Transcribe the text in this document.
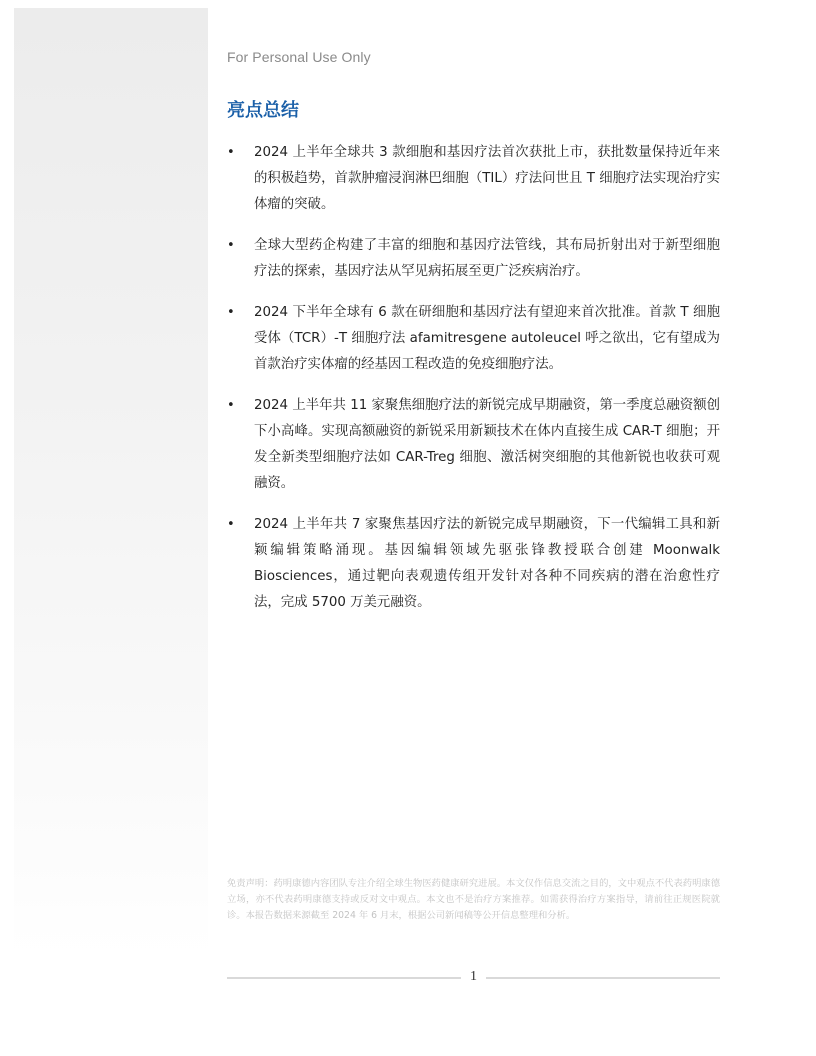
For Personal Use Only
亮点总结
• 2024 上半年全球共 3 款细胞和基因疗法首次获批上市，获批数量保持近年来的积极趋势，首款肿瘤浸润淋巴细胞（TIL）疗法问世且 T 细胞疗法实现治疗实体瘤的突破。
• 全球大型药企构建了丰富的细胞和基因疗法管线，其布局折射出对于新型细胞疗法的探索，基因疗法从罕见病拓展至更广泛疾病治疗。
• 2024 下半年全球有 6 款在研细胞和基因疗法有望迎来首次批准。首款 T 细胞受体（TCR）-T 细胞疗法 afamitresgene autoleucel 呼之欲出，它有望成为首款治疗实体瘤的经基因工程改造的免疫细胞疗法。
• 2024 上半年共 11 家聚焦细胞疗法的新锐完成早期融资，第一季度总融资额创下小高峰。实现高额融资的新锐采用新颖技术在体内直接生成 CAR-T 细胞；开发全新类型细胞疗法如 CAR-Treg 细胞、激活树突细胞的其他新锐也收获可观融资。
• 2024 上半年共 7 家聚焦基因疗法的新锐完成早期融资，下一代编辑工具和新颖编辑策略涌现。基因编辑领域先驱张锋教授联合创建 Moonwalk Biosciences，通过靶向表观遗传组开发针对各种不同疾病的潜在治愈性疗法，完成 5700 万美元融资。

免责声明：药明康德内容团队专注介绍全球生物医药健康研究进展。本文仅作信息交流之目的，文中观点不代表药明康德立场，亦不代表药明康德支持或反对文中观点。本文也不是治疗方案推荐。如需获得治疗方案指导，请前往正规医院就诊。本报告数据来源截至 2024 年 6 月末，根据公司新闻稿等公开信息整理和分析。

1
